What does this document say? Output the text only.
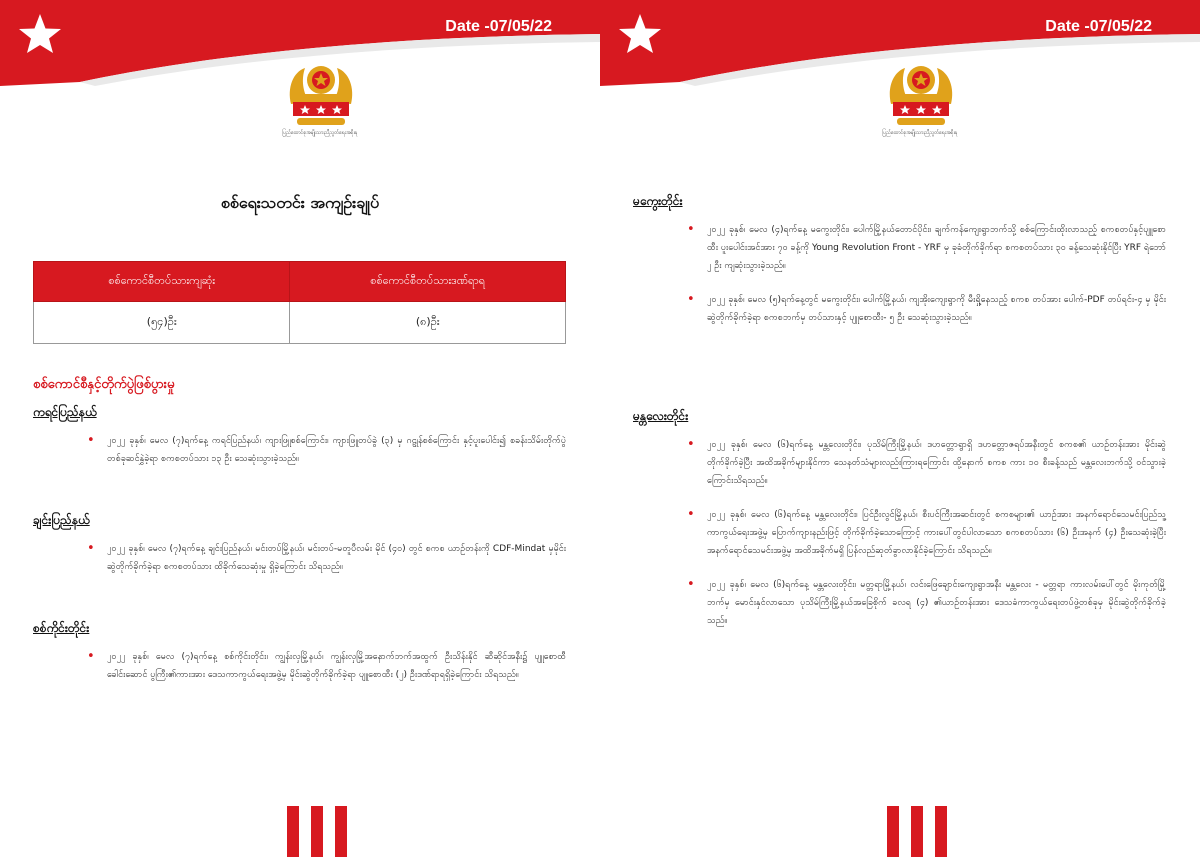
Date -07/05/22
ပြည်ထောင်စုအမျိုးသားညီညွတ်ရေးအစိုးရ
စစ်ရေးသတင်း အကျဉ်းချုပ်
စစ်ကောင်စီတပ်သားကျဆုံး	စစ်ကောင်စီတပ်သားဒဏ်ရာရ
(၅၄)ဦး	(၈)ဦး
စစ်ကောင်စီနှင့်တိုက်ပွဲဖြစ်ပွားမှု
ကရင်ပြည်နယ်
• ၂၀၂၂ ခုနှစ်၊ မေလ (၇)ရက်နေ့ ကရင်ပြည်နယ်၊ ကျားဖြူစစ်ကြောင်း၊ ကျားဖြူတပ်ခွဲ (၃) မှ ဂဠုန်စစ်ကြောင်း နှင့်ပူးပေါင်း၍ စခန်းသိမ်းတိုက်ပွဲတစ်ခုဆင်နွှဲခဲ့ရာ စကစတပ်သား ၁၃ ဦး သေဆုံးသွားခဲ့သည်။
ချင်းပြည်နယ်
• ၂၀၂၂ ခုနှစ်၊ မေလ (၇)ရက်နေ့ ချင်းပြည်နယ်၊ မင်းတပ်မြို့နယ်၊ မင်းတပ်-မတူပီလမ်း မိုင် (၄၀) တွင် စကစ ယာဉ်တန်းကို CDF-Mindat မှမိုင်းဆွဲတိုက်ခိုက်ခဲ့ရာ စကစတပ်သား ထိခိုက်သေဆုံးမှု ရှိခဲ့ကြောင်း သိရသည်။
စစ်ကိုင်းတိုင်း
• ၂၀၂၂ ခုနှစ်၊ မေလ (၇)ရက်နေ့ စစ်ကိုင်းတိုင်း၊ ကျွန်းလှမြို့နယ်၊ ကျွန်းလှမြို့အနောက်ဘက်အထွက် ဦးသိန်းနိုင် ဆီဆိုင်အနီး၌ ပျူစောထီခေါင်းဆောင် ပွကြီး၏ကားအား ဒေသကာကွယ်ရေးအဖွဲ့မှ မိုင်းဆွဲတိုက်ခိုက်ခဲ့ရာ ပျူစောထီး (၂) ဦးဒဏ်ရာရရှိခဲ့ကြောင်း သိရသည်။
Date -07/05/22
ပြည်ထောင်စုအမျိုးသားညီညွတ်ရေးအစိုးရ
မကွေးတိုင်း
• ၂၀၂၂ ခုနှစ်၊ မေလ (၄)ရက်နေ့ မကွေးတိုင်း၊ ပေါက်မြို့နယ်တောင်ပိုင်း၊ ချက်ကန်ကျေးရွာဘက်သို့ စစ်ကြောင်းထိုးလာသည့် စကစတပ်နှင့်ပျူစောထီး ပူးပေါင်းအင်အား ၇၀ ခန့်ကို Young Revolution Front - YRF မှ ခုခံတိုက်ခိုက်ရာ စကစတပ်သား ၃၀ ခန့်သေဆုံးနိုင်ပြီး YRF ရဲဘော် ၂ ဦး ကျဆုံးသွားခဲ့သည်။
• ၂၀၂၂ ခုနှစ်၊ မေလ (၅)ရက်နေ့တွင် မကွေးတိုင်း၊ ပေါက်မြို့နယ်၊ ကျအိုးကျေးရွာကို မီးရှို့နေသည့် စကစ တပ်အား ပေါက်-PDF တပ်ရင်း-၄ မှ မိုင်းဆွဲတိုက်ခိုက်ခဲ့ရာ စကစဘက်မှ တပ်သားနှင့် ပျူစောထီး- ၅ ဦး သေဆုံးသွားခဲ့သည်။
မန္တလေးတိုင်း
• ၂၀၂၂ ခုနှစ်၊ မေလ (၆)ရက်နေ့ မန္တလေးတိုင်း၊ ပုသိမ်ကြီးမြို့နယ်၊ ဒဟတ္တောရွာရှိ ဒဟတ္တောဇရပ်အနီးတွင် စကစ၏ ယာဉ်တန်းအား မိုင်းဆွဲတိုက်ခိုက်ခဲ့ပြီး အထိအခိုက်များနိုင်ကာ သေနတ်သံများလည်းကြားရကြောင်း ထို့နောက် စကစ ကား ၁၀ စီးခန့်သည် မန္တလေးဘက်သို့ ဝင်သွားခဲ့ ကြောင်းသိရသည်။
• ၂၀၂၂ ခုနှစ်၊ မေလ (၆)ရက်နေ့ မန္တလေးတိုင်း၊ ပြင်ဦးလွင်မြို့နယ်၊ စီးပင်ကြီးအဆင်းတွင် စကစများ၏ ယာဉ်အား အနက်ရောင်သေမင်းပြည်သူ့ကာကွယ်ရေးအဖွဲ့မှ ပြောက်ကျားနည်းဖြင့် တိုက်ခိုက်ခဲ့သောကြောင့် ကားပေါ်တွင်ပါလာသော စကစတပ်သား (၆) ဦးအနက် (၄) ဦးသေဆုံးခဲ့ပြီး အနက်ရောင်သေမင်းအဖွဲ့မှ အထိအခိုက်မရှိ ပြန်လည်ဆုတ်ခွာလာနိုင်ခဲ့ကြောင်း သိရသည်။
• ၂၀၂၂ ခုနှစ်၊ မေလ (၆)ရက်နေ့ မန္တလေးတိုင်း၊ မတ္တရာမြို့နယ်၊ လင်းဖြေချောင်းကျေးရွာအနီး မန္တလေး - မတ္တရာ ကားလမ်းပေါ်တွင် မိုးကုတ်မြို့ဘက်မှ မောင်းနှင်လာသော ပုသိမ်ကြီးမြို့နယ်အခြေစိုက် ခလရ (၄) ၏ယာဉ်တန်းအား ဒေသခံကာကွယ်ရေးတပ်ဖွဲ့တစ်ခုမှ မိုင်းဆွဲတိုက်ခိုက်ခဲ့သည်။
